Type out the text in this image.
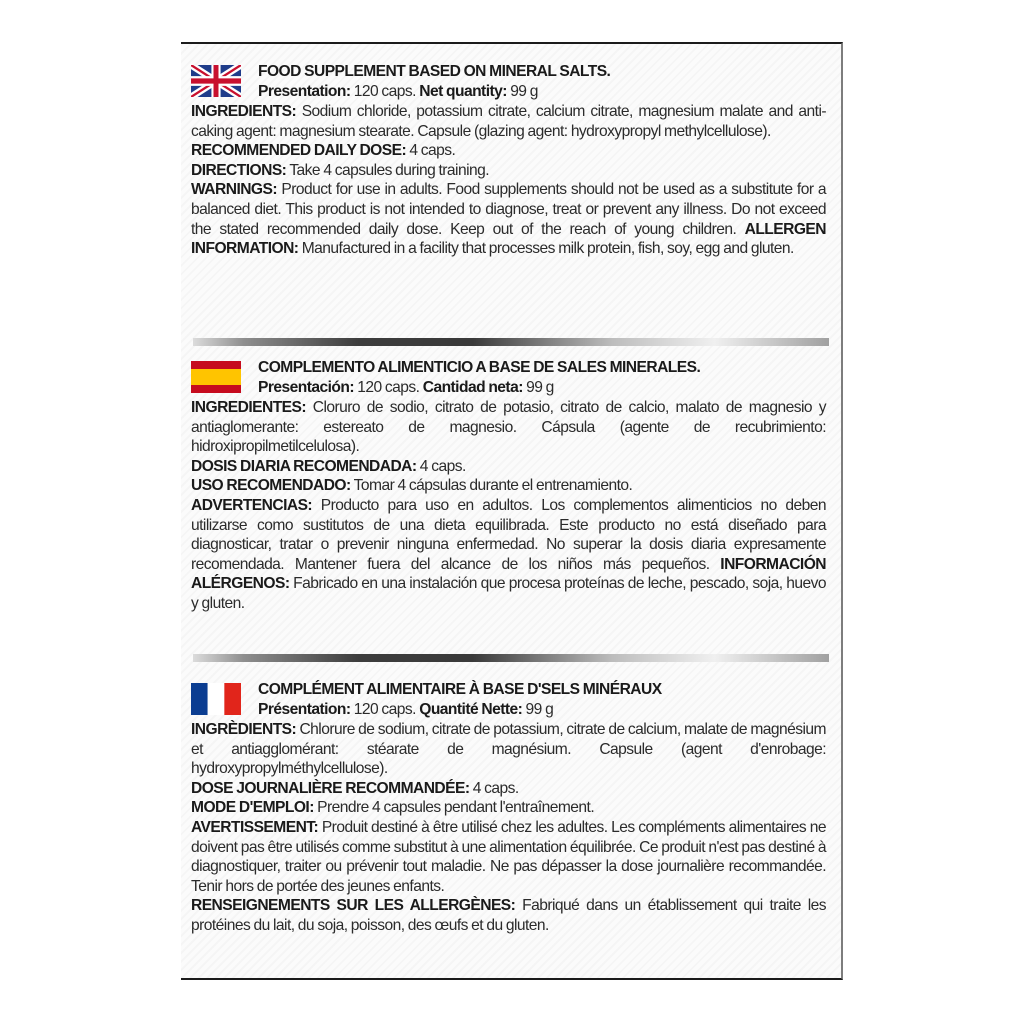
FOOD SUPPLEMENT BASED ON MINERAL SALTS.
Presentation: 120 caps. Net quantity: 99 g
INGREDIENTS: Sodium chloride, potassium citrate, calcium citrate, magnesium malate and anti-caking agent: magnesium stearate. Capsule (glazing agent: hydroxypropyl methylcellulose).
RECOMMENDED DAILY DOSE: 4 caps.
DIRECTIONS: Take 4 capsules during training.
WARNINGS: Product for use in adults. Food supplements should not be used as a substitute for a balanced diet. This product is not intended to diagnose, treat or prevent any illness. Do not exceed the stated recommended daily dose. Keep out of the reach of young children. ALLERGEN INFORMATION: Manufactured in a facility that processes milk protein, fish, soy, egg and gluten.
COMPLEMENTO ALIMENTICIO A BASE DE SALES MINERALES.
Presentación: 120 caps. Cantidad neta: 99 g
INGREDIENTES: Cloruro de sodio, citrato de potasio, citrato de calcio, malato de magnesio y antiaglomerante: estereato de magnesio. Cápsula (agente de recubrimiento: hidroxipropilmetilcelulosa).
DOSIS DIARIA RECOMENDADA: 4 caps.
USO RECOMENDADO: Tomar 4 cápsulas durante el entrenamiento.
ADVERTENCIAS: Producto para uso en adultos. Los complementos alimenticios no deben utilizarse como sustitutos de una dieta equilibrada. Este producto no está diseñado para diagnosticar, tratar o prevenir ninguna enfermedad. No superar la dosis diaria expresamente recomendada. Mantener fuera del alcance de los niños más pequeños. INFORMACIÓN ALÉRGENOS: Fabricado en una instalación que procesa proteínas de leche, pescado, soja, huevo y gluten.
COMPLÉMENT ALIMENTAIRE À BASE D'SELS MINÉRAUX
Présentation: 120 caps. Quantité Nette: 99 g
INGRÈDIENTS: Chlorure de sodium, citrate de potassium, citrate de calcium, malate de magnésium et antiagglomérant: stéarate de magnésium. Capsule (agent d'enrobage: hydroxypropylméthylcellulose).
DOSE JOURNALIÈRE RECOMMANDÉE: 4 caps.
MODE D'EMPLOI: Prendre 4 capsules pendant l'entraînement.
AVERTISSEMENT: Produit destiné à être utilisé chez les adultes. Les compléments alimentaires ne doivent pas être utilisés comme substitut à une alimentation équilibrée. Ce produit n'est pas destiné à diagnostiquer, traiter ou prévenir tout maladie. Ne pas dépasser la dose journalière recommandée. Tenir hors de portée des jeunes enfants.
RENSEIGNEMENTS SUR LES ALLERGÈNES: Fabriqué dans un établissement qui traite les protéines du lait, du soja, poisson, des œufs et du gluten.
